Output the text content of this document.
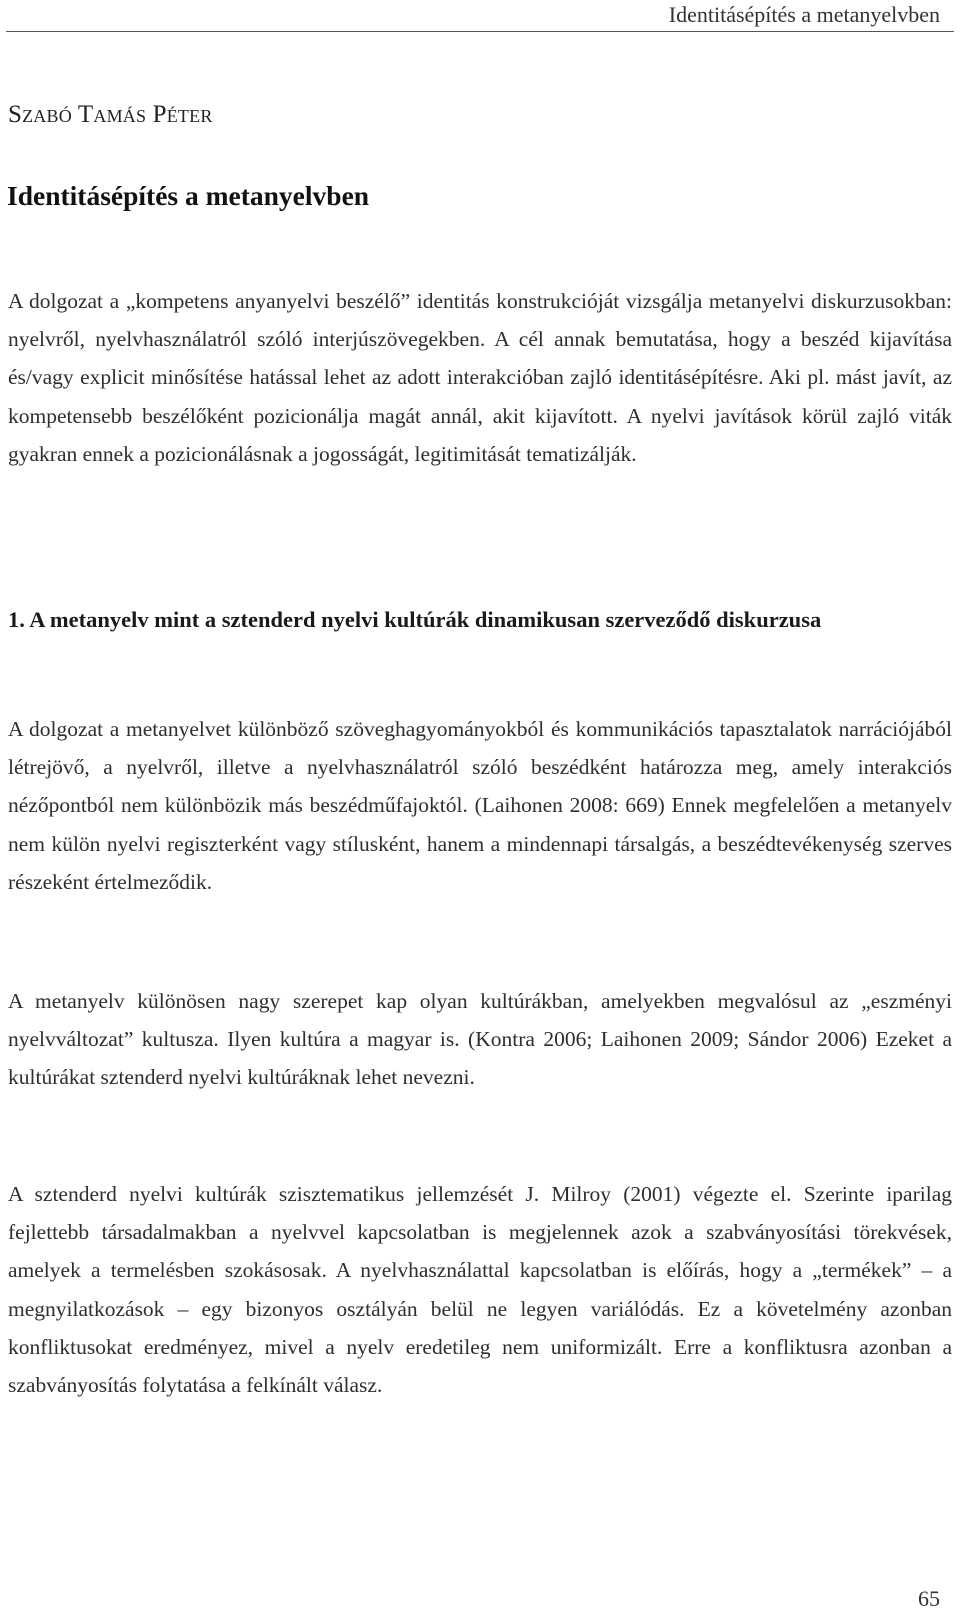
Identitásépítés a metanyelvben
Szabó Tamás Péter
Identitásépítés a metanyelvben

A dolgozat a „kompetens anyanyelvi beszélő” identitás konstrukcióját vizsgálja metanyelvi diskurzusokban: nyelvről, nyelvhasználatról szóló interjúszövegekben. A cél annak bemutatása, hogy a beszéd kijavítása és/vagy explicit minősítése hatással lehet az adott interakcióban zajló identitásépítésre. Aki pl. mást javít, az kompetensebb beszélőként pozicionálja magát annál, akit kijavított. A nyelvi javítások körül zajló viták gyakran ennek a pozicionálásnak a jogosságát, legitimitását tematizálják.

1. A metanyelv mint a sztenderd nyelvi kultúrák dinamikusan szerveződő diskurzusa

A dolgozat a metanyelvet különböző szöveghagyományokból és kommunikációs tapasztalatok narrációjából létrejövő, a nyelvről, illetve a nyelvhasználatról szóló beszédként határozza meg, amely interakciós nézőpontból nem különbözik más beszédműfajoktól. (Laihonen 2008: 669) Ennek megfelelően a metanyelv nem külön nyelvi regiszterként vagy stílusként, hanem a mindennapi társalgás, a beszédtevékenység szerves részeként értelmeződik.

A metanyelv különösen nagy szerepet kap olyan kultúrákban, amelyekben megvalósul az „eszményi nyelvváltozat” kultusza. Ilyen kultúra a magyar is. (Kontra 2006; Laihonen 2009; Sándor 2006) Ezeket a kultúrákat sztenderd nyelvi kultúráknak lehet nevezni.

A sztenderd nyelvi kultúrák szisztematikus jellemzését J. Milroy (2001) végezte el. Szerinte iparilag fejlettebb társadalmakban a nyelvvel kapcsolatban is megjelennek azok a szabványosítási törekvések, amelyek a termelésben szokásosak. A nyelvhasználattal kapcsolatban is előírás, hogy a „termékek” – a megnyilatkozások – egy bizonyos osztályán belül ne legyen variálódás. Ez a követelmény azonban konfliktusokat eredményez, mivel a nyelv eredetileg nem uniformizált. Erre a konfliktusra azonban a szabványosítás folytatása a felkínált válasz.

65
